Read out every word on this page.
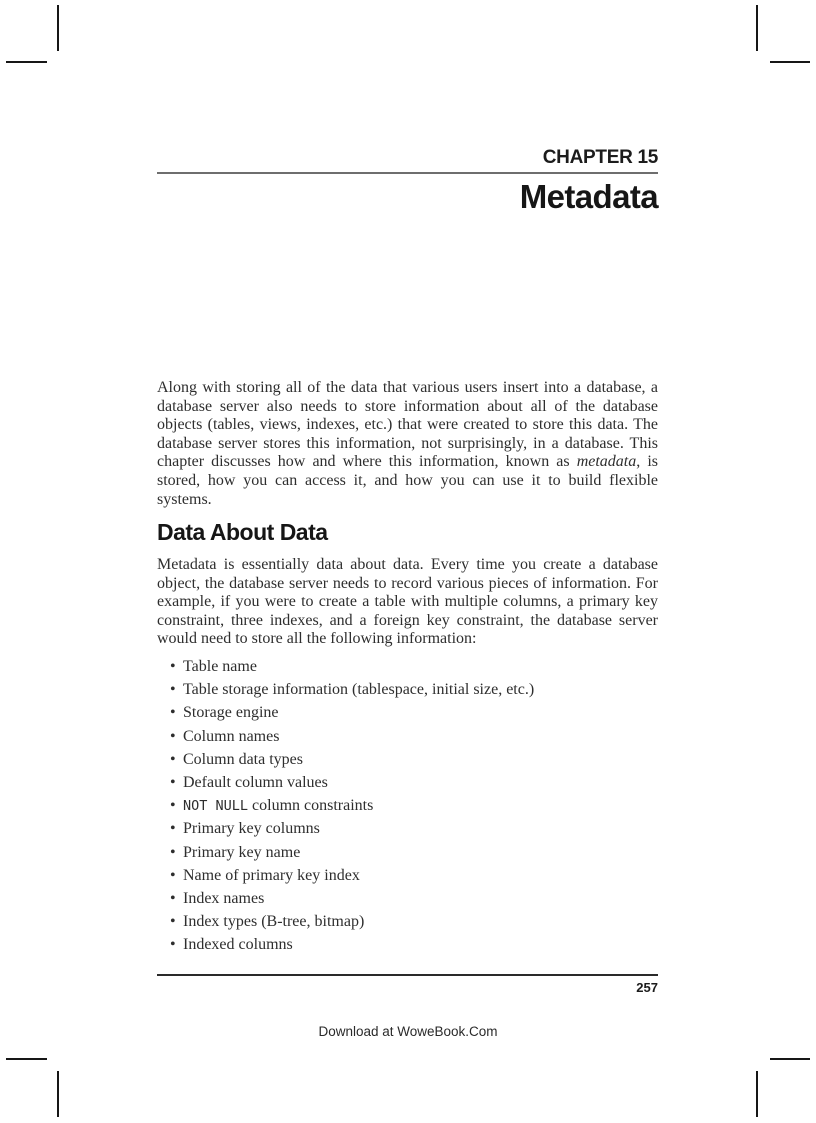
CHAPTER 15
Metadata

Along with storing all of the data that various users insert into a database, a database server also needs to store information about all of the database objects (tables, views, indexes, etc.) that were created to store this data. The database server stores this information, not surprisingly, in a database. This chapter discusses how and where this information, known as metadata, is stored, how you can access it, and how you can use it to build flexible systems.

Data About Data

Metadata is essentially data about data. Every time you create a database object, the database server needs to record various pieces of information. For example, if you were to create a table with multiple columns, a primary key constraint, three indexes, and a foreign key constraint, the database server would need to store all the following information:

• Table name
• Table storage information (tablespace, initial size, etc.)
• Storage engine
• Column names
• Column data types
• Default column values
• NOT NULL column constraints
• Primary key columns
• Primary key name
• Name of primary key index
• Index names
• Index types (B-tree, bitmap)
• Indexed columns
257
Download at WoweBook.Com
